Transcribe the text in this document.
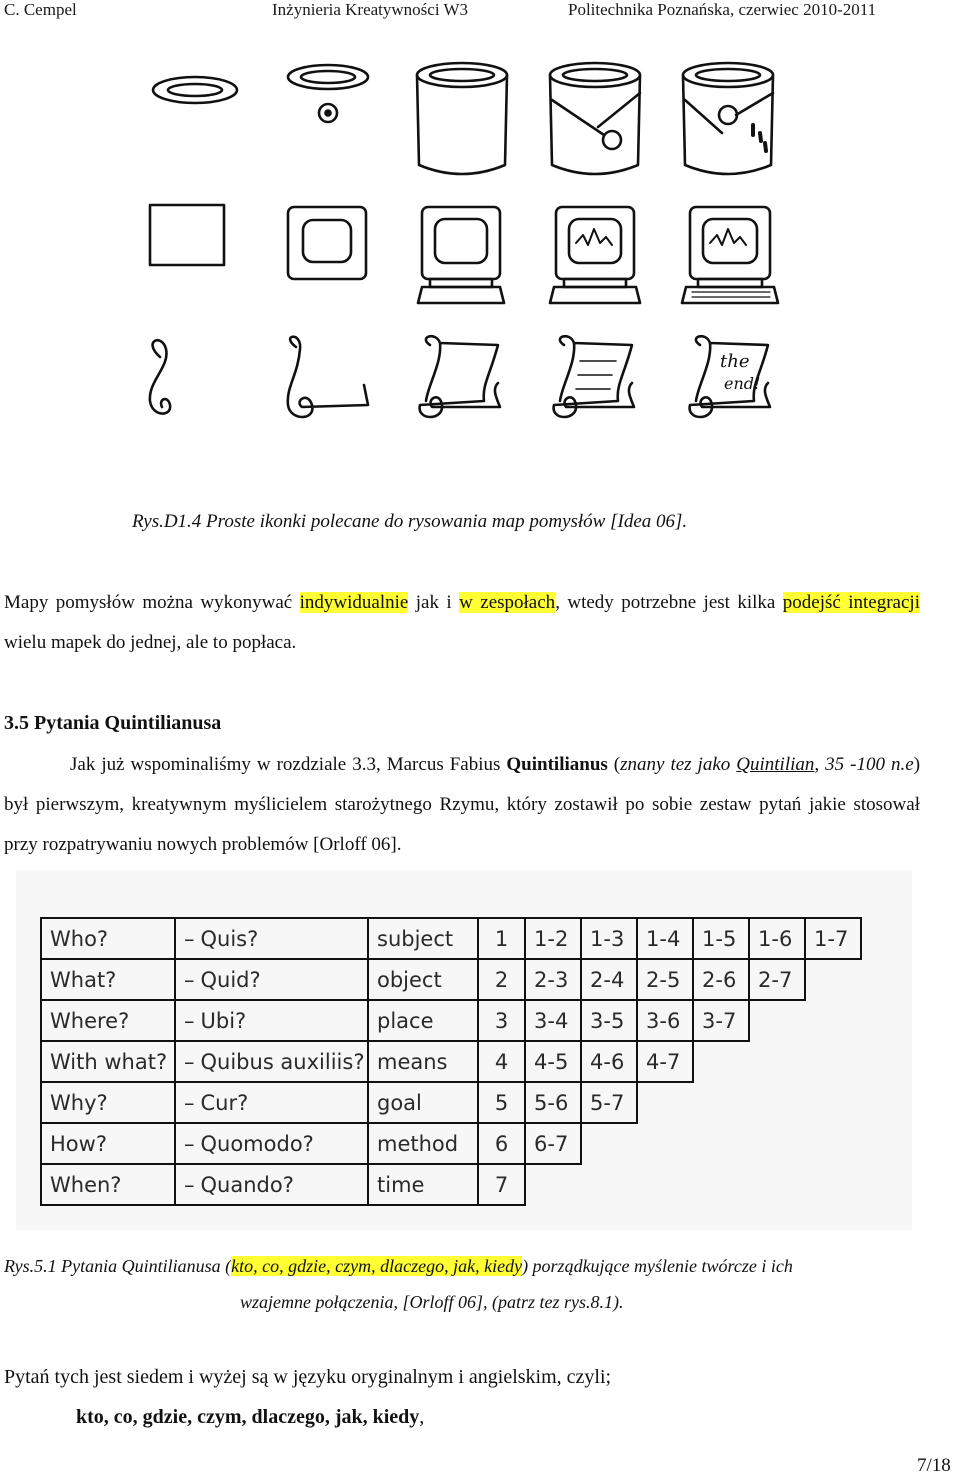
C. Cempel	Inżynieria Kreatywności W3	Politechnika Poznańska, czerwiec 2010-2011
the
end!
Rys.D1.4 Proste ikonki polecane do rysowania map pomysłów [Idea 06].
Mapy pomysłów można wykonywać indywidualnie jak i w zespołach, wtedy potrzebne jest kilka podejść integracji wielu mapek do jednej, ale to popłaca.
3.5 Pytania Quintilianusa
Jak już wspominaliśmy w rozdziale 3.3, Marcus Fabius Quintilianus (znany tez jako Quintilian, 35 -100 n.e) był pierwszym, kreatywnym myślicielem starożytnego Rzymu, który zostawił po sobie zestaw pytań jakie stosował przy rozpatrywaniu nowych problemów [Orloff 06].
Who?	– Quis?	subject	1	1-2	1-3	1-4	1-5	1-6	1-7
What?	– Quid?	object	2	2-3	2-4	2-5	2-6	2-7	
Where?	– Ubi?	place	3	3-4	3-5	3-6	3-7		
With what?	– Quibus auxiliis?	means	4	4-5	4-6	4-7			
Why?	– Cur?	goal	5	5-6	5-7				
How?	– Quomodo?	method	6	6-7					
When?	– Quando?	time	7						
Rys.5.1 Pytania Quintilianusa (kto, co, gdzie, czym, dlaczego, jak, kiedy) porządkujące myślenie twórcze i ich
wzajemne połączenia, [Orloff 06], (patrz tez rys.8.1).
Pytań tych jest siedem i wyżej są w języku oryginalnym i angielskim, czyli;
kto, co, gdzie, czym, dlaczego, jak, kiedy,
7/18
